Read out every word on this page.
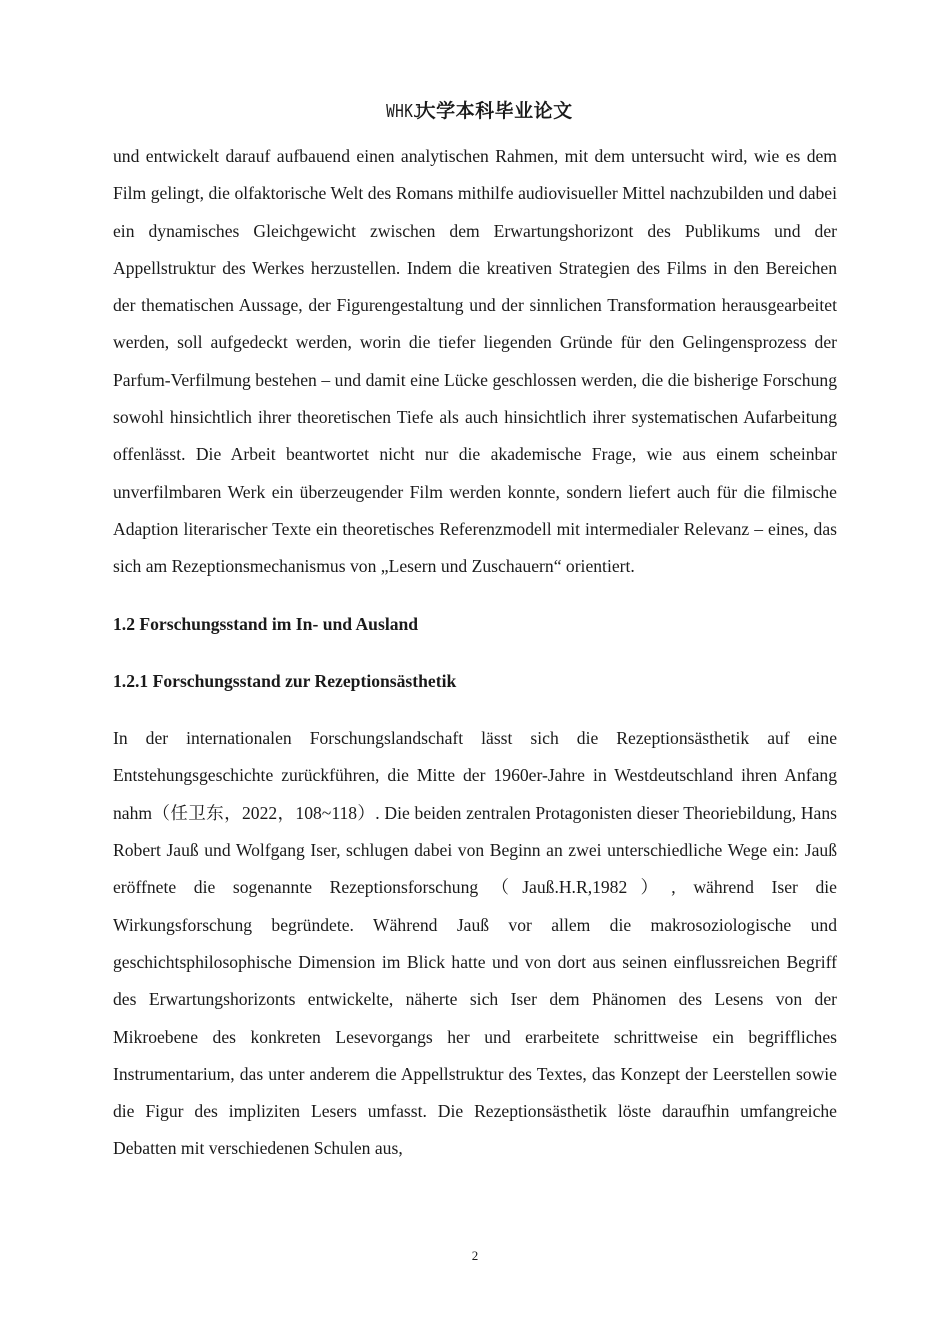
WHKJ大学本科毕业论文

und entwickelt darauf aufbauend einen analytischen Rahmen, mit dem untersucht wird, wie es dem Film gelingt, die olfaktorische Welt des Romans mithilfe audiovisueller Mittel nachzubilden und dabei ein dynamisches Gleichgewicht zwischen dem Erwartungshorizont des Publikums und der Appellstruktur des Werkes herzustellen. Indem die kreativen Strategien des Films in den Bereichen der thematischen Aussage, der Figurengestaltung und der sinnlichen Transformation herausgearbeitet werden, soll aufgedeckt werden, worin die tiefer liegenden Gründe für den Gelingensprozess der Parfum-Verfilmung bestehen – und damit eine Lücke geschlossen werden, die die bisherige Forschung sowohl hinsichtlich ihrer theoretischen Tiefe als auch hinsichtlich ihrer systematischen Aufarbeitung offenlässt. Die Arbeit beantwortet nicht nur die akademische Frage, wie aus einem scheinbar unverfilmbaren Werk ein überzeugender Film werden konnte, sondern liefert auch für die filmische Adaption literarischer Texte ein theoretisches Referenzmodell mit intermedialer Relevanz – eines, das sich am Rezeptionsmechanismus von „Lesern und Zuschauern“ orientiert.

1.2 Forschungsstand im In- und Ausland

1.2.1 Forschungsstand zur Rezeptionsästhetik

In der internationalen Forschungslandschaft lässt sich die Rezeptionsästhetik auf eine Entstehungsgeschichte zurückführen, die Mitte der 1960er-Jahre in Westdeutschland ihren Anfang nahm（任卫东，2022，108~118）. Die beiden zentralen Protagonisten dieser Theoriebildung, Hans Robert Jauß und Wolfgang Iser, schlugen dabei von Beginn an zwei unterschiedliche Wege ein: Jauß eröffnete die sogenannte Rezeptionsforschung（Jauß.H.R,1982）, während Iser die Wirkungsforschung begründete. Während Jauß vor allem die makrosoziologische und geschichtsphilosophische Dimension im Blick hatte und von dort aus seinen einflussreichen Begriff des Erwartungshorizonts entwickelte, näherte sich Iser dem Phänomen des Lesens von der Mikroebene des konkreten Lesevorgangs her und erarbeitete schrittweise ein begriffliches Instrumentarium, das unter anderem die Appellstruktur des Textes, das Konzept der Leerstellen sowie die Figur des impliziten Lesers umfasst. Die Rezeptionsästhetik löste daraufhin umfangreiche Debatten mit verschiedenen Schulen aus,

2
